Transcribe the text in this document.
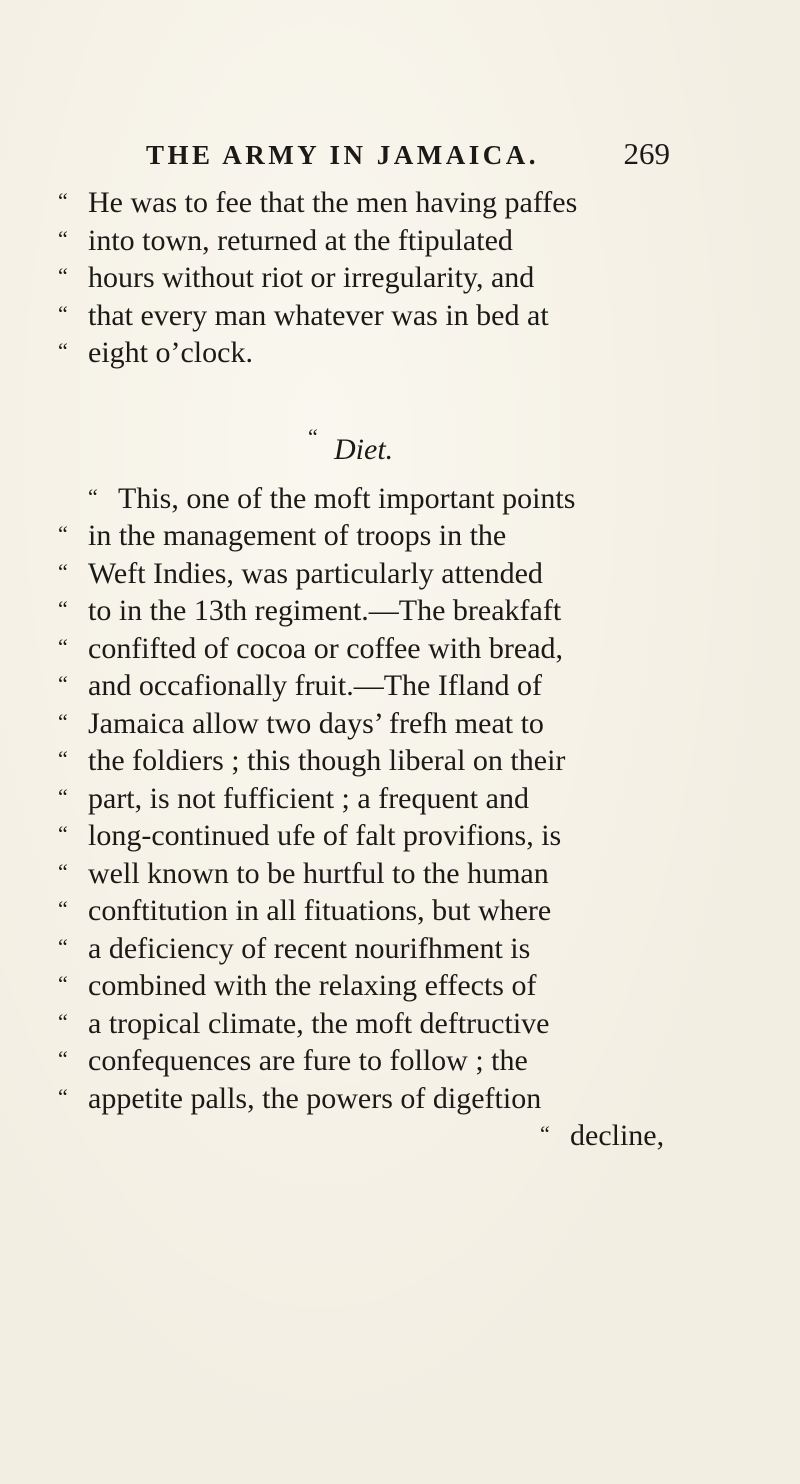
THE ARMY IN JAMAICA.	269
“ He was to fee that the men having paffes
“ into town, returned at the ftipulated
“ hours without riot or irregularity, and
“ that every man whatever was in bed at
“ eight o’clock.
“ Diet.
“ This, one of the moft important points
“ in the management of troops in the
“ Weft Indies, was particularly attended
“ to in the 13th regiment.—The breakfaft
“ confifted of cocoa or coffee with bread,
“ and occafionally fruit.—The Ifland of
“ Jamaica allow two days’ frefh meat to
“ the foldiers ; this though liberal on their
“ part, is not fufficient ; a frequent and
“ long-continued ufe of falt provifions, is
“ well known to be hurtful to the human
“ conftitution in all fituations, but where
“ a deficiency of recent nourifhment is
“ combined with the relaxing effects of
“ a tropical climate, the moft deftructive
“ confequences are fure to follow ; the
“ appetite palls, the powers of digeftion
“ decline,
